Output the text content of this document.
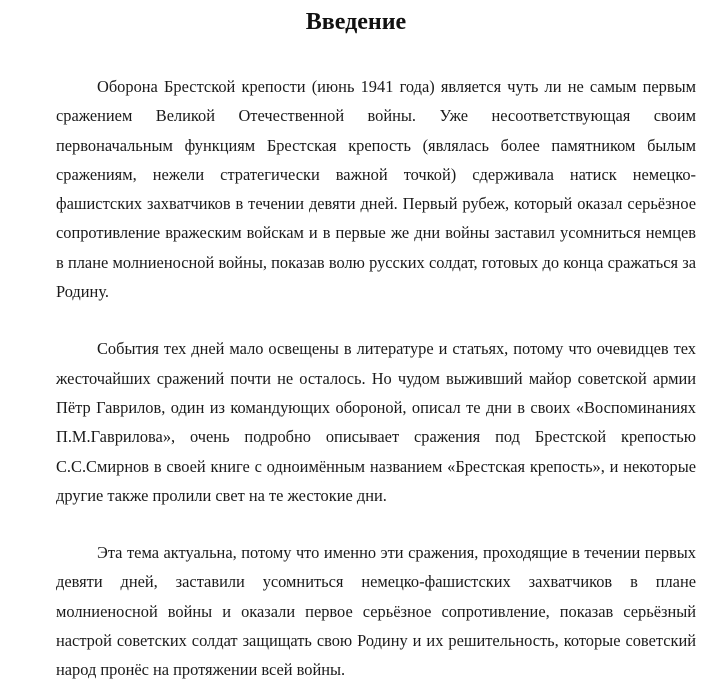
Введение

Оборона Брестской крепости (июнь 1941 года) является чуть ли не самым первым сражением Великой Отечественной войны. Уже несоответствующая своим первоначальным функциям Брестская крепость (являлась более памятником былым сражениям, нежели стратегически важной точкой) сдерживала натиск немецко-фашистских захватчиков в течении девяти дней. Первый рубеж, который оказал серьёзное сопротивление вражеским войскам и в первые же дни войны заставил усомниться немцев в плане молниеносной войны, показав волю русских солдат, готовых до конца сражаться за Родину.

События тех дней мало освещены в литературе и статьях, потому что очевидцев тех жесточайших сражений почти не осталось. Но чудом выживший майор советской армии Пётр Гаврилов, один из командующих обороной, описал те дни в своих «Воспоминаниях П.М.Гаврилова», очень подробно описывает сражения под Брестской крепостью С.С.Смирнов в своей книге с одноимённым названием «Брестская крепость», и некоторые другие также пролили свет на те жестокие дни.

Эта тема актуальна, потому что именно эти сражения, проходящие в течении первых девяти дней, заставили усомниться немецко-фашистских захватчиков в плане молниеносной войны и оказали первое серьёзное сопротивление, показав серьёзный настрой советских солдат защищать свою Родину и их решительность, которые советский народ пронёс на протяжении всей войны.
